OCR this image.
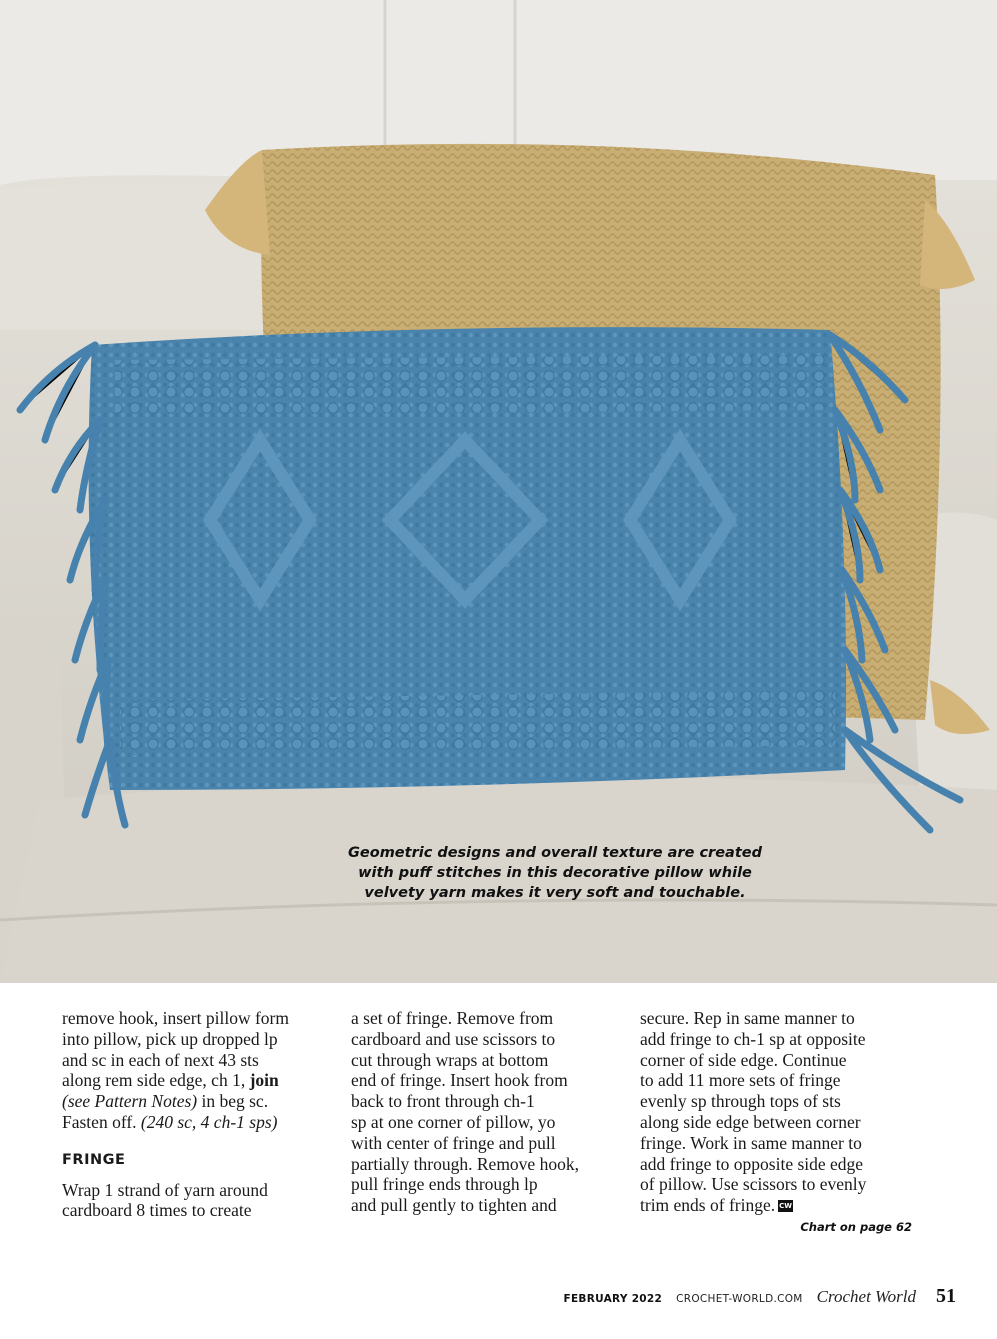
Geometric designs and overall texture are created
with puff stitches in this decorative pillow while
velvety yarn makes it very soft and touchable.
remove hook, insert pillow form
into pillow, pick up dropped lp
and sc in each of next 43 sts
along rem side edge, ch 1, join
(see Pattern Notes) in beg sc.
Fasten off. (240 sc, 4 ch-1 sps)
FRINGE
Wrap 1 strand of yarn around
cardboard 8 times to create
a set of fringe. Remove from
cardboard and use scissors to
cut through wraps at bottom
end of fringe. Insert hook from
back to front through ch-1
sp at one corner of pillow, yo
with center of fringe and pull
partially through. Remove hook,
pull fringe ends through lp
and pull gently to tighten and
secure. Rep in same manner to
add fringe to ch-1 sp at opposite
corner of side edge. Continue
to add 11 more sets of fringe
evenly sp through tops of sts
along side edge between corner
fringe. Work in same manner to
add fringe to opposite side edge
of pillow. Use scissors to evenly
trim ends of fringe. CW
Chart on page 62
FEBRUARY 2022 CROCHET-WORLD.COM Crochet World 51
